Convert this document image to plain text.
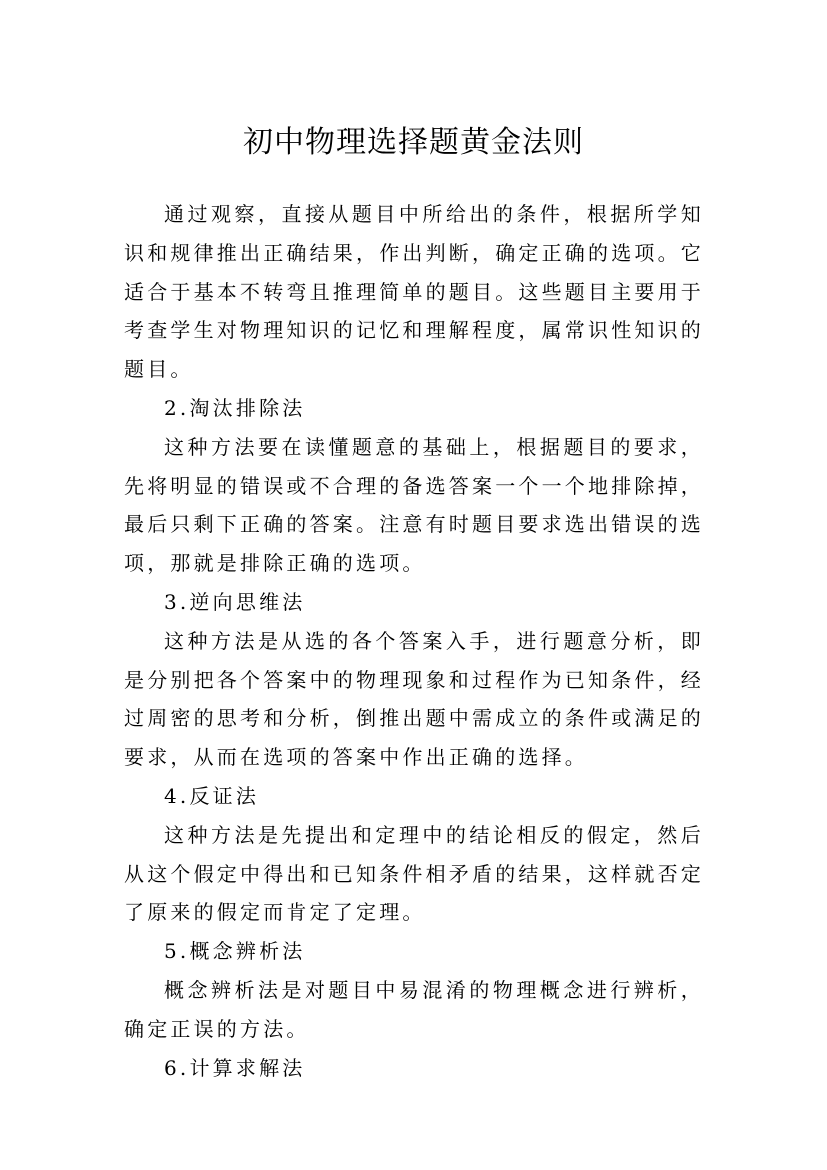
初中物理选择题黄金法则

通过观察，直接从题目中所给出的条件，根据所学知识和规律推出正确结果，作出判断，确定正确的选项。它适合于基本不转弯且推理简单的题目。这些题目主要用于考查学生对物理知识的记忆和理解程度，属常识性知识的题目。

2.淘汰排除法

这种方法要在读懂题意的基础上，根据题目的要求，先将明显的错误或不合理的备选答案一个一个地排除掉，最后只剩下正确的答案。注意有时题目要求选出错误的选项，那就是排除正确的选项。

3.逆向思维法

这种方法是从选的各个答案入手，进行题意分析，即是分别把各个答案中的物理现象和过程作为已知条件，经过周密的思考和分析，倒推出题中需成立的条件或满足的要求，从而在选项的答案中作出正确的选择。

4.反证法

这种方法是先提出和定理中的结论相反的假定，然后从这个假定中得出和已知条件相矛盾的结果，这样就否定了原来的假定而肯定了定理。

5.概念辨析法

概念辨析法是对题目中易混淆的物理概念进行辨析，确定正误的方法。

6.计算求解法
